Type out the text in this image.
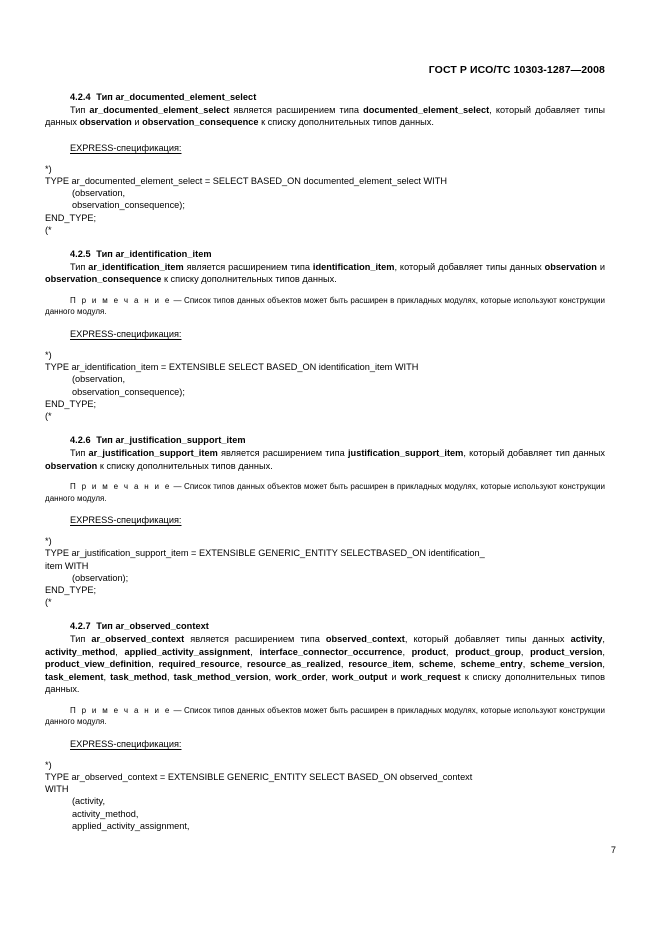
ГОСТ Р ИСО/ТС 10303-1287—2008
4.2.4 Тип ar_documented_element_select

Тип ar_documented_element_select является расширением типа documented_element_select, который добавляет типы данных observation и observation_consequence к списку дополнительных типов данных.

EXPRESS-спецификация:
*)
TYPE ar_documented_element_select = SELECT BASED_ON documented_element_select WITH
(observation,
observation_consequence);
END_TYPE;
(*
4.2.5 Тип ar_identification_item

Тип ar_identification_item является расширением типа identification_item, который добавляет типы данных observation и observation_consequence к списку дополнительных типов данных.

П р и м е ч а н и е — Список типов данных объектов может быть расширен в прикладных модулях, которые используют конструкции данного модуля.

EXPRESS-спецификация:
*)
TYPE ar_identification_item = EXTENSIBLE SELECT BASED_ON identification_item WITH
(observation,
observation_consequence);
END_TYPE;
(*
4.2.6 Тип ar_justification_support_item

Тип ar_justification_support_item является расширением типа justification_support_item, который добавляет тип данных observation к списку дополнительных типов данных.

П р и м е ч а н и е — Список типов данных объектов может быть расширен в прикладных модулях, которые используют конструкции данного модуля.

EXPRESS-спецификация:
*)
TYPE ar_justification_support_item = EXTENSIBLE GENERIC_ENTITY SELECTBASED_ON identification_
item WITH
(observation);
END_TYPE;
(*
4.2.7 Тип ar_observed_context

Тип ar_observed_context является расширением типа observed_context, который добавляет типы данных activity, activity_method, applied_activity_assignment, interface_connector_occurrence, product, product_group, product_version, product_view_definition, required_resource, resource_as_realized, resource_item, scheme, scheme_entry, scheme_version, task_element, task_method, task_method_version, work_order, work_output и work_request к списку дополнительных типов данных.

П р и м е ч а н и е — Список типов данных объектов может быть расширен в прикладных модулях, которые используют конструкции данного модуля.

EXPRESS-спецификация:
*)
TYPE ar_observed_context = EXTENSIBLE GENERIC_ENTITY SELECT BASED_ON observed_context
WITH
(activity,
activity_method,
applied_activity_assignment,
7
